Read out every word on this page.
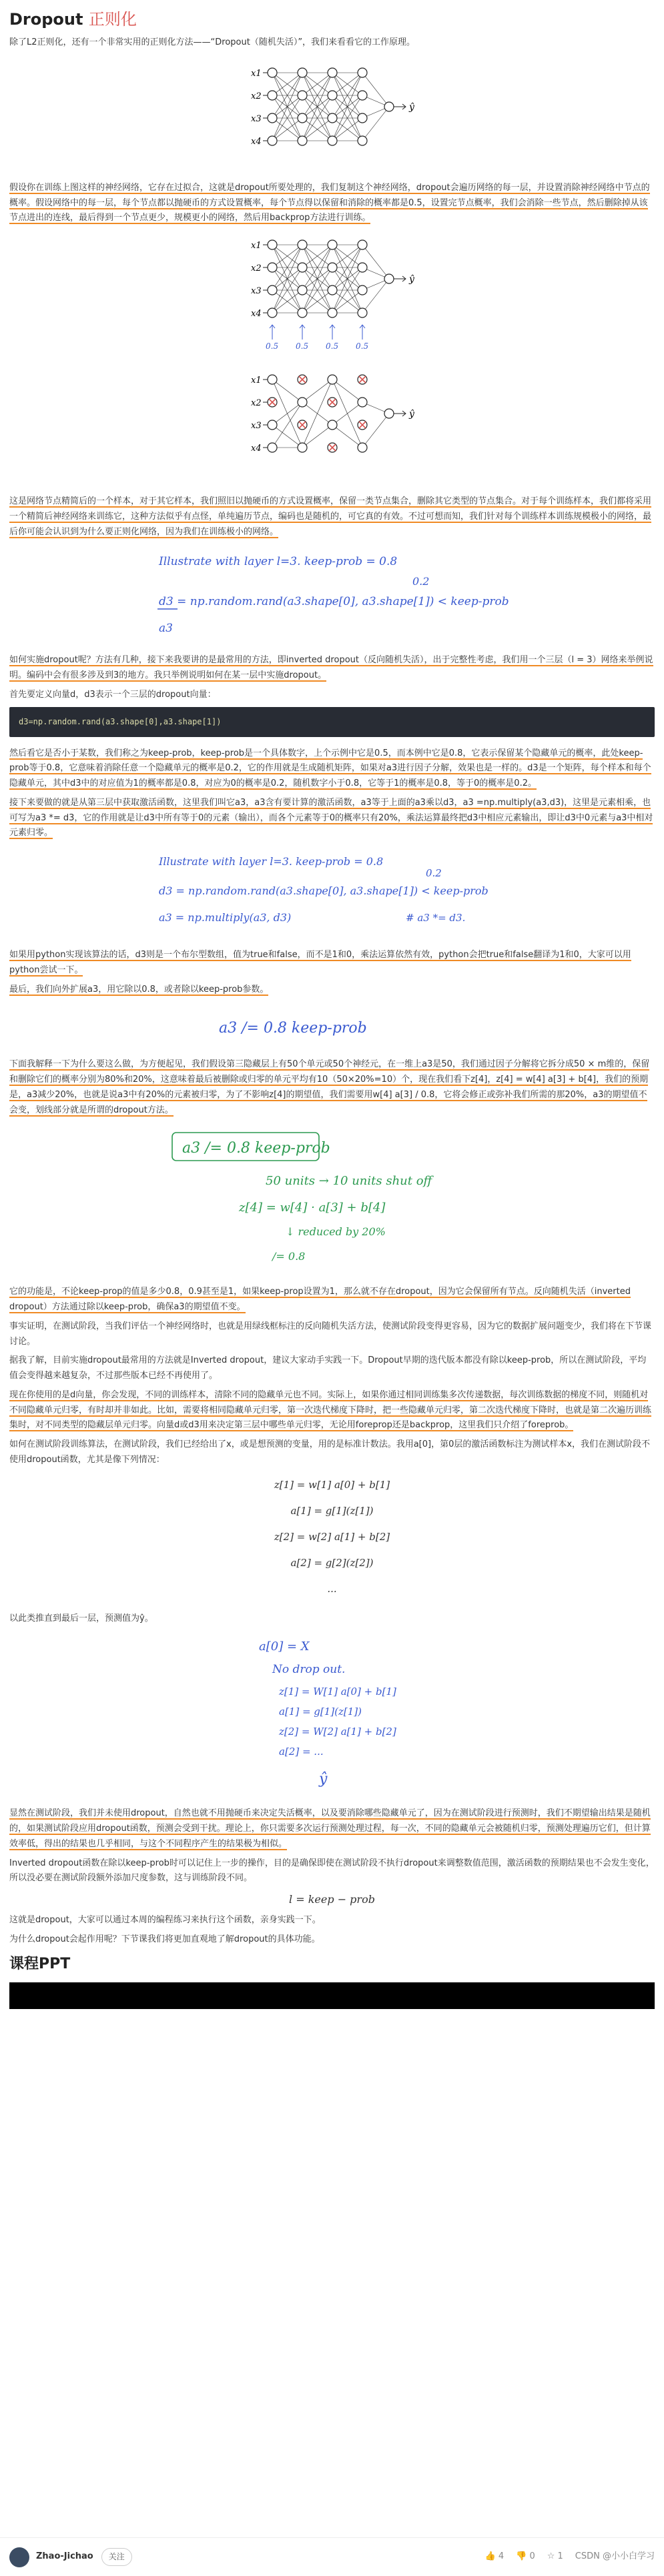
Dropout 正则化

除了L2正则化，还有一个非常实用的正则化方法——“Dropout（随机失活）”，我们来看看它的工作原理。

x1
x2
x3
x4
ŷ

假设你在训练上图这样的神经网络，它存在过拟合，这就是dropout所要处理的，我们复制这个神经网络，dropout会遍历网络的每一层，并设置消除神经网络中节点的概率。假设网络中的每一层，每个节点都以抛硬币的方式设置概率，每个节点得以保留和消除的概率都是0.5，设置完节点概率，我们会消除一些节点，然后删除掉从该节点进出的连线，最后得到一个节点更少，规模更小的网络，然后用backprop方法进行训练。

x1
x2
x3
x4
ŷ
0.5 0.5 0.5 0.5
x1
x2
x3
x4
ŷ

这是网络节点精简后的一个样本，对于其它样本，我们照旧以抛硬币的方式设置概率，保留一类节点集合，删除其它类型的节点集合。对于每个训练样本，我们都将采用一个精简后神经网络来训练它，这种方法似乎有点怪，单纯遍历节点，编码也是随机的，可它真的有效。不过可想而知，我们针对每个训练样本训练规模极小的网络，最后你可能会认识到为什么要正则化网络，因为我们在训练极小的网络。

Illustrate with layer l=3. keep-prob = 0.8
0.2
d3 = np.random.rand(a3.shape[0], a3.shape[1]) < keep-prob
a3

如何实施dropout呢？方法有几种，接下来我要讲的是最常用的方法，即inverted dropout（反向随机失活），出于完整性考虑，我们用一个三层（l = 3）网络来举例说明。编码中会有很多涉及到3的地方。我只举例说明如何在某一层中实施dropout。

首先要定义向量d，d3表示一个三层的dropout向量：

d3=np.random.rand(a3.shape[0],a3.shape[1])

然后看它是否小于某数，我们称之为keep-prob，keep-prob是一个具体数字，上个示例中它是0.5，而本例中它是0.8，它表示保留某个隐藏单元的概率，此处keep-prob等于0.8，它意味着消除任意一个隐藏单元的概率是0.2，它的作用就是生成随机矩阵，如果对a3进行因子分解，效果也是一样的。d3是一个矩阵，每个样本和每个隐藏单元，其中d3中的对应值为1的概率都是0.8，对应为0的概率是0.2，随机数字小于0.8，它等于1的概率是0.8，等于0的概率是0.2。

接下来要做的就是从第三层中获取激活函数，这里我们叫它a3，a3含有要计算的激活函数，a3等于上面的a3乘以d3，a3 =np.multiply(a3,d3)，这里是元素相乘，也可写为a3 *= d3，它的作用就是让d3中所有等于0的元素（输出），而各个元素等于0的概率只有20%，乘法运算最终把d3中相应元素输出，即让d3中0元素与a3中相对元素归零。

Illustrate with layer l=3. keep-prob = 0.8
0.2
d3 = np.random.rand(a3.shape[0], a3.shape[1]) < keep-prob
a3 = np.multiply(a3, d3)	# a3 *= d3.

如果用python实现该算法的话，d3则是一个布尔型数组，值为true和false，而不是1和0，乘法运算依然有效，python会把true和false翻译为1和0，大家可以用python尝试一下。

最后，我们向外扩展a3，用它除以0.8，或者除以keep-prob参数。

a3 /= 0.8 keep-prob

下面我解释一下为什么要这么做，为方便起见，我们假设第三隐藏层上有50个单元或50个神经元，在一维上a3是50，我们通过因子分解将它拆分成50 × m维的，保留和删除它们的概率分别为80%和20%，这意味着最后被删除或归零的单元平均有10（50×20%=10）个，现在我们看下z[4]，z[4] = w[4] a[3] + b[4]，我们的预期是，a3减少20%，也就是说a3中有20%的元素被归零，为了不影响z[4]的期望值，我们需要用w[4] a[3] / 0.8，它将会修正或弥补我们所需的那20%，a3的期望值不会变，划线部分就是所谓的dropout方法。

a3 /= 0.8 keep-prob
50 units → 10 units shut off
z[4] = w[4] · a[3] + b[4]
↓ reduced by 20%
/= 0.8

它的功能是，不论keep-prop的值是多少0.8，0.9甚至是1，如果keep-prop设置为1，那么就不存在dropout，因为它会保留所有节点。反向随机失活（inverted dropout）方法通过除以keep-prob，确保a3的期望值不变。

事实证明，在测试阶段，当我们评估一个神经网络时，也就是用绿线框标注的反向随机失活方法，使测试阶段变得更容易，因为它的数据扩展问题变少，我们将在下节课讨论。

据我了解，目前实施dropout最常用的方法就是Inverted dropout，建议大家动手实践一下。Dropout早期的迭代版本都没有除以keep-prob，所以在测试阶段，平均值会变得越来越复杂，不过那些版本已经不再使用了。

现在你使用的是d向量，你会发现，不同的训练样本，清除不同的隐藏单元也不同。实际上，如果你通过相同训练集多次传递数据，每次训练数据的梯度不同，则随机对不同隐藏单元归零，有时却并非如此。比如，需要将相同隐藏单元归零，第一次迭代梯度下降时，把一些隐藏单元归零，第二次迭代梯度下降时，也就是第二次遍历训练集时，对不同类型的隐藏层单元归零。向量d或d3用来决定第三层中哪些单元归零，无论用foreprop还是backprop，这里我们只介绍了foreprob。

如何在测试阶段训练算法，在测试阶段，我们已经给出了x，或是想预测的变量，用的是标准计数法。我用a[0]，第0层的激活函数标注为测试样本x，我们在测试阶段不使用dropout函数，尤其是像下列情况：

z[1] = w[1] a[0] + b[1]
a[1] = g[1](z[1])
z[2] = w[2] a[1] + b[2]
a[2] = g[2](z[2])
...

以此类推直到最后一层，预测值为ŷ。

a[0] = X
No drop out.
z[1] = W[1] a[0] + b[1]
a[1] = g[1](z[1])
z[2] = W[2] a[1] + b[2]
a[2] = ...
ŷ

显然在测试阶段，我们并未使用dropout，自然也就不用抛硬币来决定失活概率，以及要消除哪些隐藏单元了，因为在测试阶段进行预测时，我们不期望输出结果是随机的，如果测试阶段应用dropout函数，预测会受到干扰。理论上，你只需要多次运行预测处理过程，每一次，不同的隐藏单元会被随机归零，预测处理遍历它们，但计算效率低，得出的结果也几乎相同，与这个不同程序产生的结果极为相似。

Inverted dropout函数在除以keep-prob时可以记住上一步的操作，目的是确保即使在测试阶段不执行dropout来调整数值范围，激活函数的预期结果也不会发生变化，所以没必要在测试阶段额外添加尺度参数，这与训练阶段不同。

l = keep − prob

这就是dropout，大家可以通过本周的编程练习来执行这个函数，亲身实践一下。

为什么dropout会起作用呢？下节课我们将更加直观地了解dropout的具体功能。

课程PPT
Zhao-Jichao	关注	👍 4 👎 0 ☆ 1 CSDN @小小白学习
